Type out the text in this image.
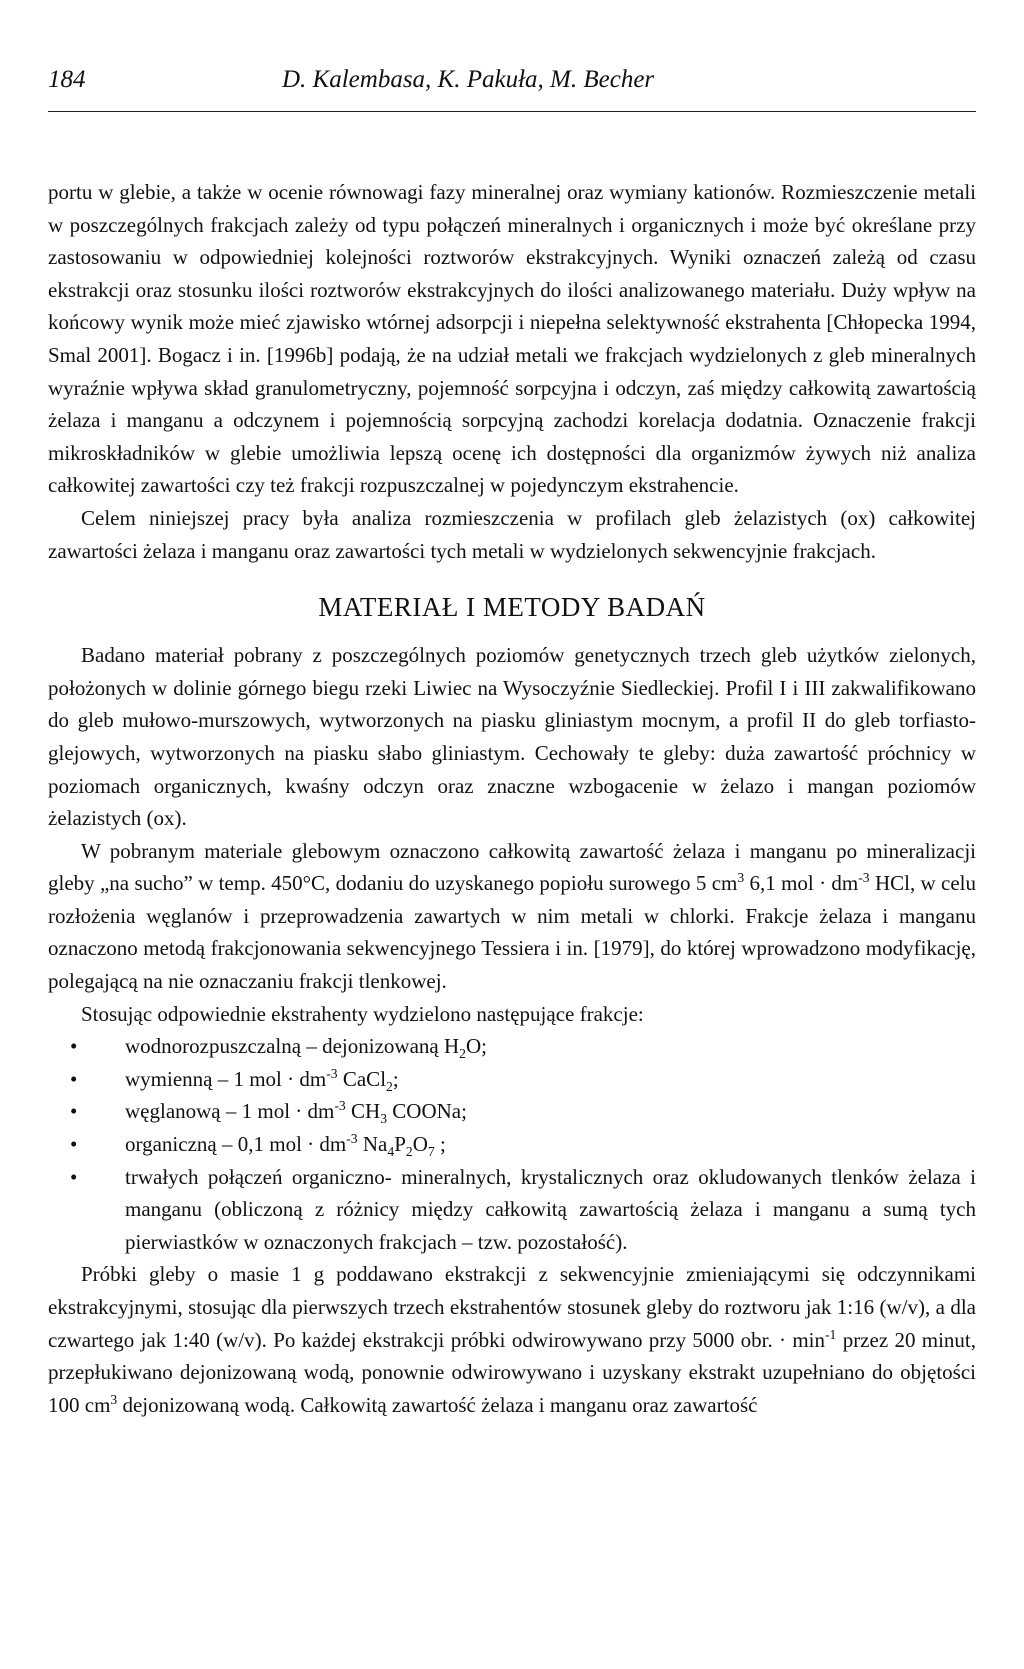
184	D. Kalembasa, K. Pakuła, M. Becher

portu w glebie, a także w ocenie równowagi fazy mineralnej oraz wymiany kationów. Rozmieszczenie metali w poszczególnych frakcjach zależy od typu połączeń mineralnych i organicznych i może być określane przy zastosowaniu w odpowiedniej kolejności roztworów ekstrakcyjnych. Wyniki oznaczeń zależą od czasu ekstrakcji oraz stosunku ilości roztworów ekstrakcyjnych do ilości analizowanego materiału. Duży wpływ na końcowy wynik może mieć zjawisko wtórnej adsorpcji i niepełna selektywność ekstrahenta [Chłopecka 1994, Smal 2001]. Bogacz i in. [1996b] podają, że na udział metali we frakcjach wydzielonych z gleb mineralnych wyraźnie wpływa skład granulometryczny, pojemność sorpcyjna i odczyn, zaś między całkowitą zawartością żelaza i manganu a odczynem i pojemnością sorpcyjną zachodzi korelacja dodatnia. Oznaczenie frakcji mikroskładników w glebie umożliwia lepszą ocenę ich dostępności dla organizmów żywych niż analiza całkowitej zawartości czy też frakcji rozpuszczalnej w pojedynczym ekstrahencie.

Celem niniejszej pracy była analiza rozmieszczenia w profilach gleb żelazistych (ox) całkowitej zawartości żelaza i manganu oraz zawartości tych metali w wydzielonych sekwencyjnie frakcjach.

MATERIAŁ I METODY BADAŃ

Badano materiał pobrany z poszczególnych poziomów genetycznych trzech gleb użytków zielonych, położonych w dolinie górnego biegu rzeki Liwiec na Wysoczyźnie Siedleckiej. Profil I i III zakwalifikowano do gleb mułowo-murszowych, wytworzonych na piasku gliniastym mocnym, a profil II do gleb torfiasto-glejowych, wytworzonych na piasku słabo gliniastym. Cechowały te gleby: duża zawartość próchnicy w poziomach organicznych, kwaśny odczyn oraz znaczne wzbogacenie w żelazo i mangan poziomów żelazistych (ox).

W pobranym materiale glebowym oznaczono całkowitą zawartość żelaza i manganu po mineralizacji gleby „na sucho” w temp. 450°C, dodaniu do uzyskanego popiołu surowego 5 $cm^3$ 6,1 mol · $dm^{-3}$ HCl, w celu rozłożenia węglanów i przeprowadzenia zawartych w nim metali w chlorki. Frakcje żelaza i manganu oznaczono metodą frakcjonowania sekwencyjnego Tessiera i in. [1979], do której wprowadzono modyfikację, polegającą na nie oznaczaniu frakcji tlenkowej.

Stosując odpowiednie ekstrahenty wydzielono następujące frakcje:

• wodnorozpuszczalną – dejonizowaną $H_2O$;
• wymienną – 1 mol · $dm^{-3}$ CaCl$_2$;
• węglanową – 1 mol · $dm^{-3}$ $CH_3$ COONa;
• organiczną – 0,1 mol · $dm^{-3}$ $Na_4P_2O_7$ ;
• trwałych połączeń organiczno- mineralnych, krystalicznych oraz okludowanych tlenków żelaza i manganu (obliczoną z różnicy między całkowitą zawartością żelaza i manganu a sumą tych pierwiastków w oznaczonych frakcjach – tzw. pozostałość).

Próbki gleby o masie 1 g poddawano ekstrakcji z sekwencyjnie zmieniającymi się odczynnikami ekstrakcyjnymi, stosując dla pierwszych trzech ekstrahentów stosunek gleby do roztworu jak 1:16 (w/v), a dla czwartego jak 1:40 (w/v). Po każdej ekstrakcji próbki odwirowywano przy 5000 obr. · $\min^{-1}$ przez 20 minut, przepłukiwano dejonizowaną wodą, ponownie odwirowywano i uzyskany ekstrakt uzupełniano do objętości 100 $cm^3$ dejonizowaną wodą. Całkowitą zawartość żelaza i manganu oraz zawartość
